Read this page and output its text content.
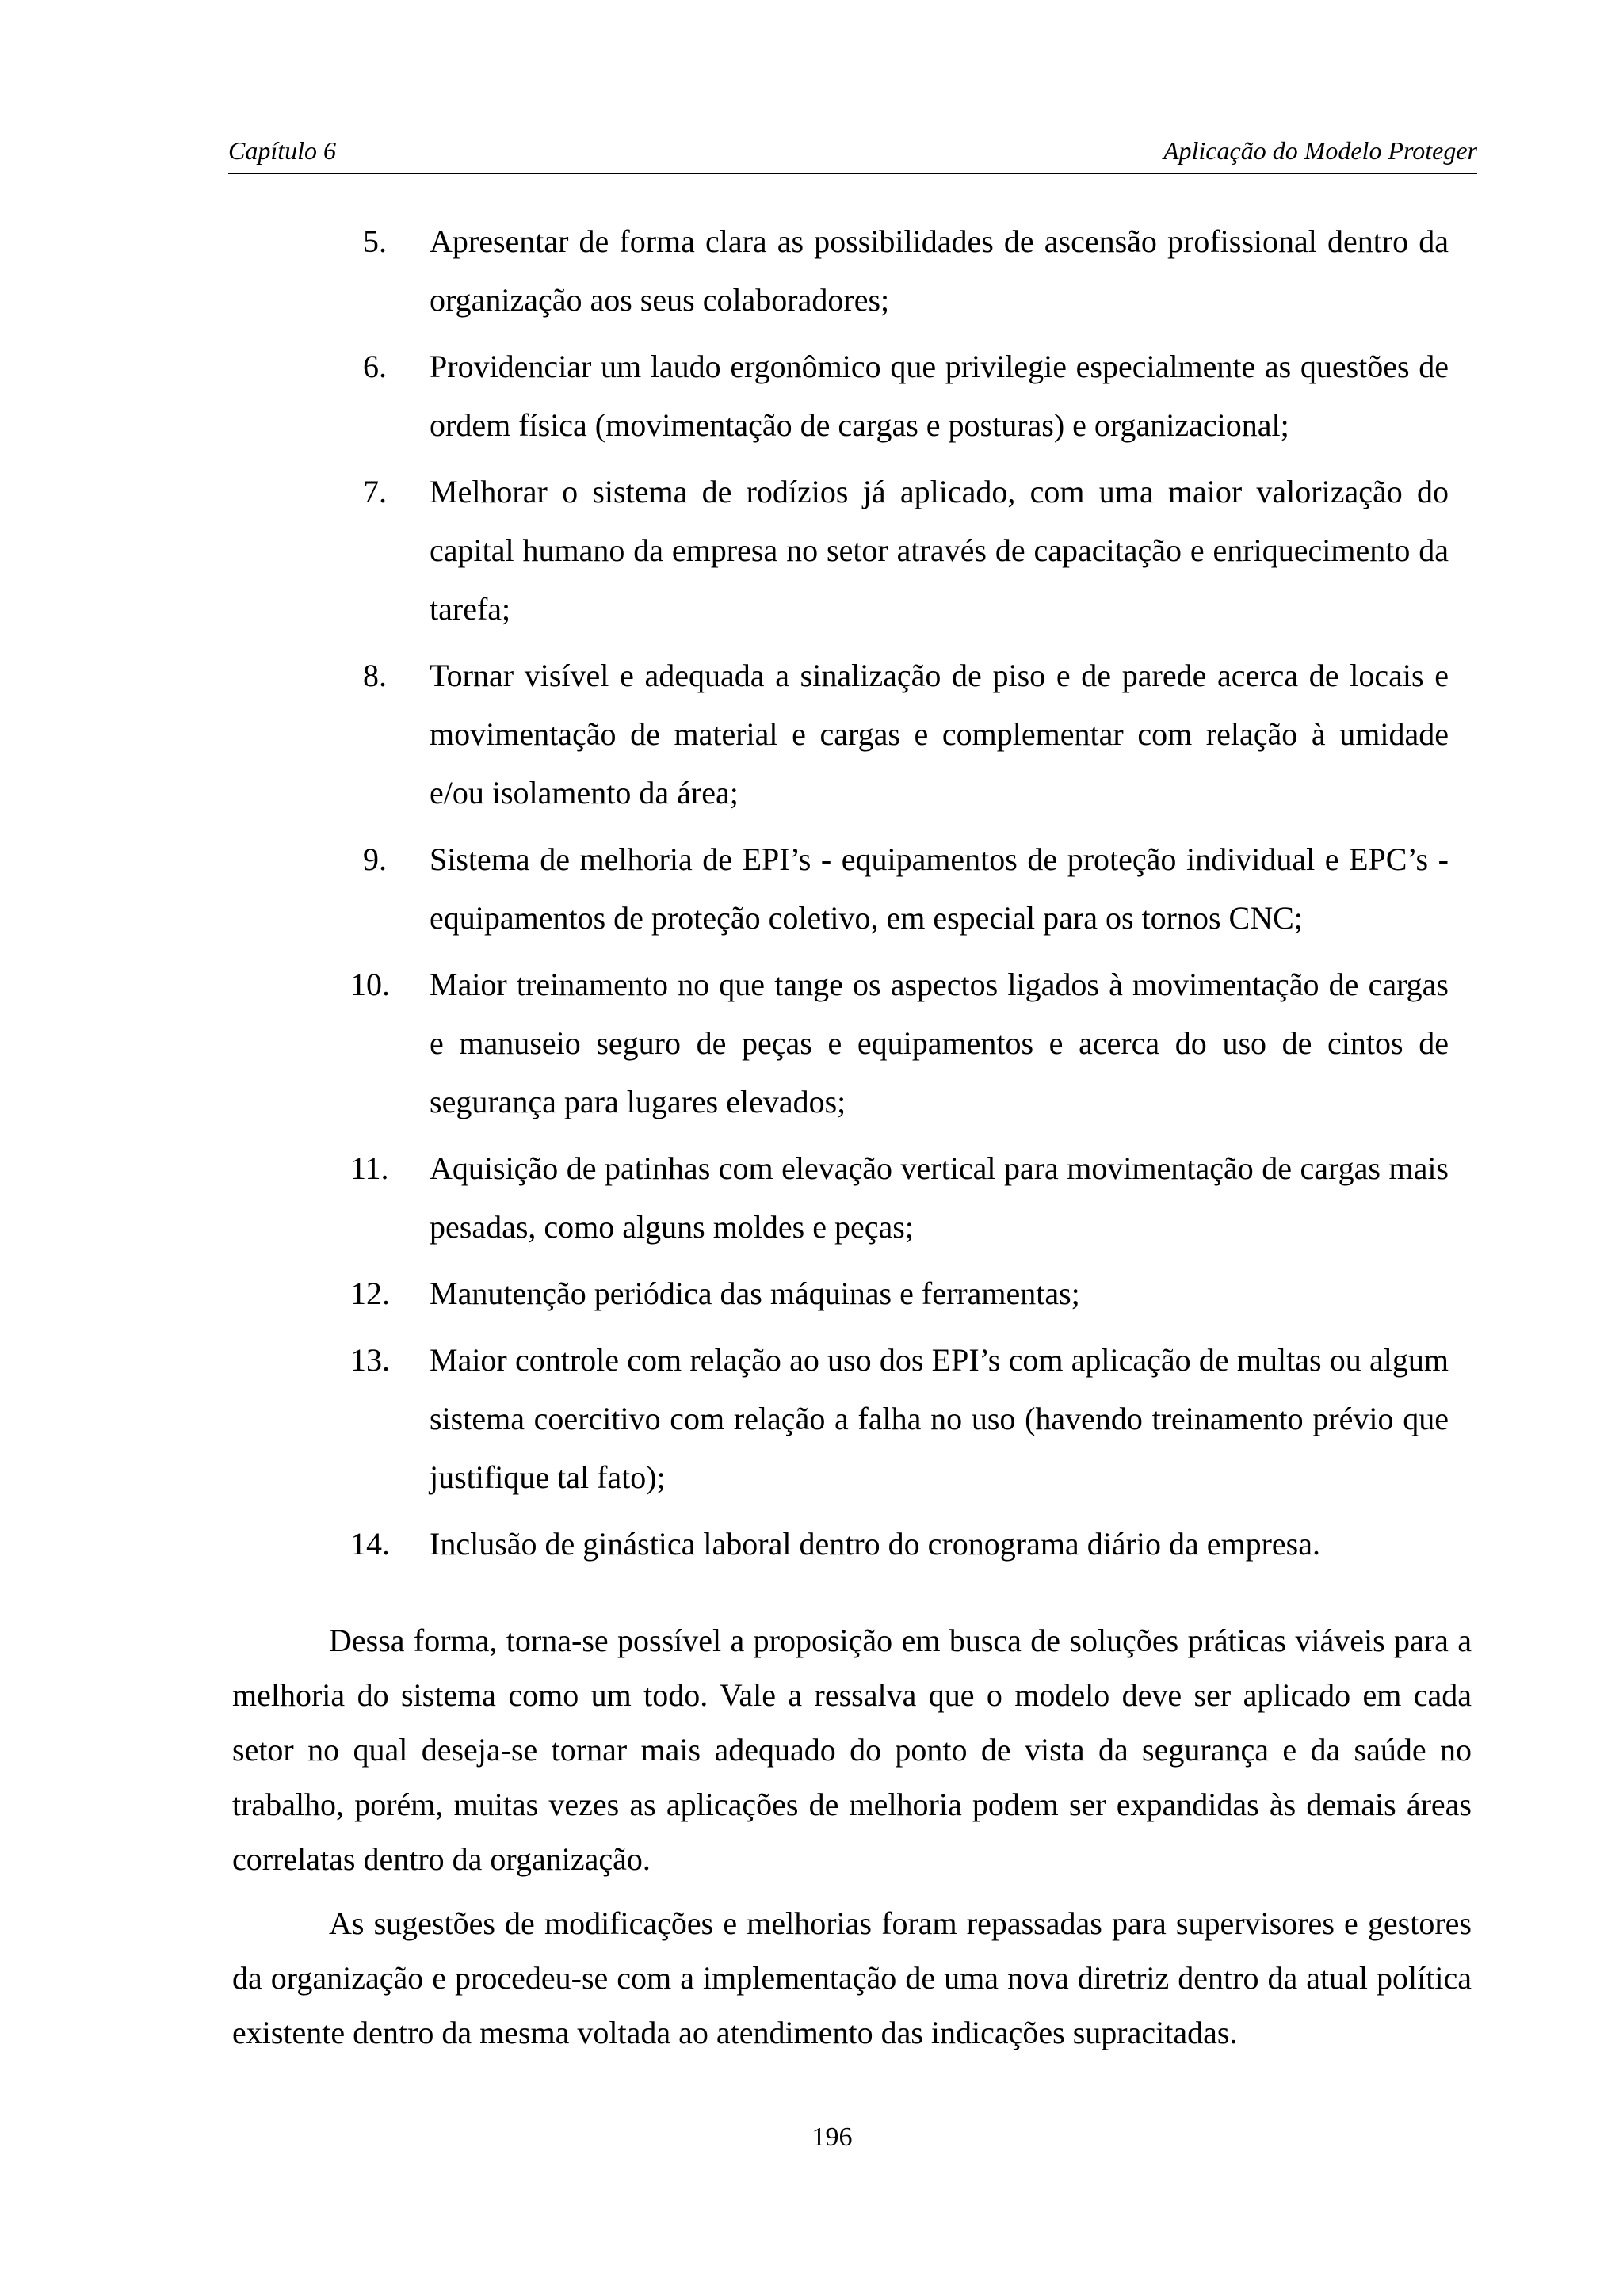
Capítulo 6	Aplicação do Modelo Proteger
5.	Apresentar de forma clara as possibilidades de ascensão profissional dentro da organização aos seus colaboradores;
6.	Providenciar um laudo ergonômico que privilegie especialmente as questões de ordem física (movimentação de cargas e posturas) e organizacional;
7.	Melhorar o sistema de rodízios já aplicado, com uma maior valorização do capital humano da empresa no setor através de capacitação e enriquecimento da tarefa;
8.	Tornar visível e adequada a sinalização de piso e de parede acerca de locais e movimentação de material e cargas e complementar com relação à umidade e/ou isolamento da área;
9.	Sistema de melhoria de EPI’s - equipamentos de proteção individual e EPC’s - equipamentos de proteção coletivo, em especial para os tornos CNC;
10.	Maior treinamento no que tange os aspectos ligados à movimentação de cargas e manuseio seguro de peças e equipamentos e acerca do uso de cintos de segurança para lugares elevados;
11.	Aquisição de patinhas com elevação vertical para movimentação de cargas mais pesadas, como alguns moldes e peças;
12.	Manutenção periódica das máquinas e ferramentas;
13.	Maior controle com relação ao uso dos EPI’s com aplicação de multas ou algum sistema coercitivo com relação a falha no uso (havendo treinamento prévio que justifique tal fato);
14.	Inclusão de ginástica laboral dentro do cronograma diário da empresa.

Dessa forma, torna-se possível a proposição em busca de soluções práticas viáveis para a melhoria do sistema como um todo. Vale a ressalva que o modelo deve ser aplicado em cada setor no qual deseja-se tornar mais adequado do ponto de vista da segurança e da saúde no trabalho, porém, muitas vezes as aplicações de melhoria podem ser expandidas às demais áreas correlatas dentro da organização.

As sugestões de modificações e melhorias foram repassadas para supervisores e gestores da organização e procedeu-se com a implementação de uma nova diretriz dentro da atual política existente dentro da mesma voltada ao atendimento das indicações supracitadas.

196
